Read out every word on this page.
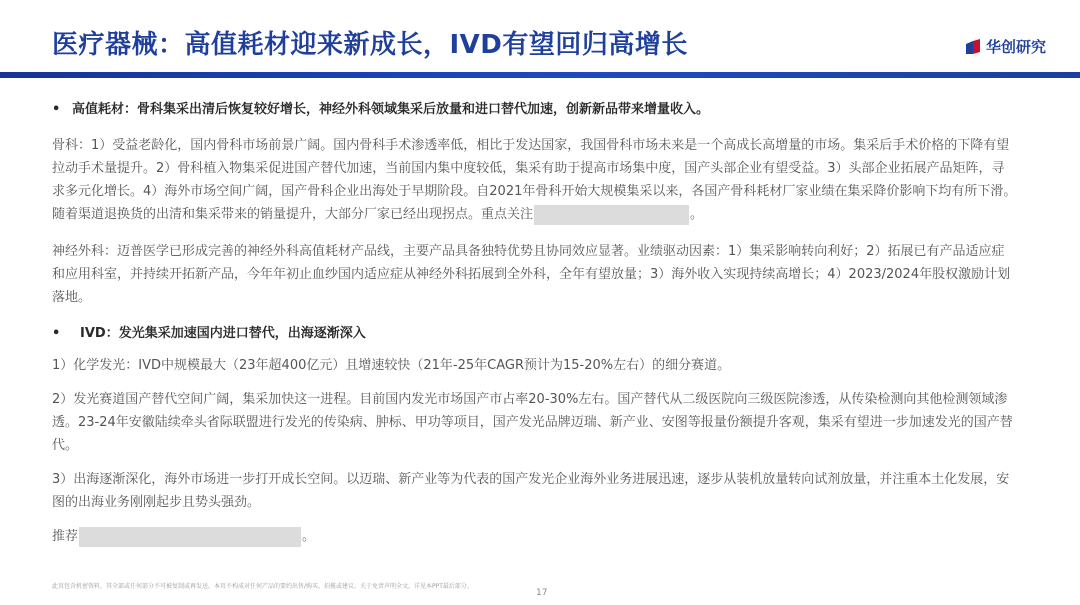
医疗器械：高值耗材迎来新成长，IVD有望回归高增长	华创研究
• 高值耗材：骨科集采出清后恢复较好增长，神经外科领域集采后放量和进口替代加速，创新新品带来增量收入。

骨科：1）受益老龄化，国内骨科市场前景广阔。国内骨科手术渗透率低，相比于发达国家，我国骨科市场未来是一个高成长高增量的市场。集采后手术价格的下降有望
拉动手术量提升。2）骨科植入物集采促进国产替代加速，当前国内集中度较低，集采有助于提高市场集中度，国产头部企业有望受益。3）头部企业拓展产品矩阵，寻
求多元化增长。4）海外市场空间广阔，国产骨科企业出海处于早期阶段。自2021年骨科开始大规模集采以来，各国产骨科耗材厂家业绩在集采降价影响下均有所下滑。
随着渠道退换货的出清和集采带来的销量提升，大部分厂家已经出现拐点。重点关注	。

神经外科：迈普医学已形成完善的神经外科高值耗材产品线，主要产品具备独特优势且协同效应显著。业绩驱动因素：1）集采影响转向利好；2）拓展已有产品适应症
和应用科室，并持续开拓新产品，今年年初止血纱国内适应症从神经外科拓展到全外科，全年有望放量；3）海外收入实现持续高增长；4）2023/2024年股权激励计划
落地。

•	IVD：发光集采加速国内进口替代，出海逐渐深入

1）化学发光：IVD中规模最大（23年超400亿元）且增速较快（21年-25年CAGR预计为15-20%左右）的细分赛道。

2）发光赛道国产替代空间广阔，集采加快这一进程。目前国内发光市场国产市占率20-30%左右。国产替代从二级医院向三级医院渗透，从传染检测向其他检测领域渗
透。23-24年安徽陆续牵头省际联盟进行发光的传染病、肿标、甲功等项目，国产发光品牌迈瑞、新产业、安图等报量份额提升客观，集采有望进一步加速发光的国产替
代。

3）出海逐渐深化，海外市场进一步打开成长空间。以迈瑞、新产业等为代表的国产发光企业海外业务进展迅速，逐步从装机放量转向试剂放量，并注重本土化发展，安
图的出海业务刚刚起步且势头强劲。

推荐	。

此页包含机密资料，其全部或任何部分不可被复制或再发送。本页不构成对任何产品的要约出售/购买、招揽或建议。关于免责声明全文，详见本PPT最后部分。
17
